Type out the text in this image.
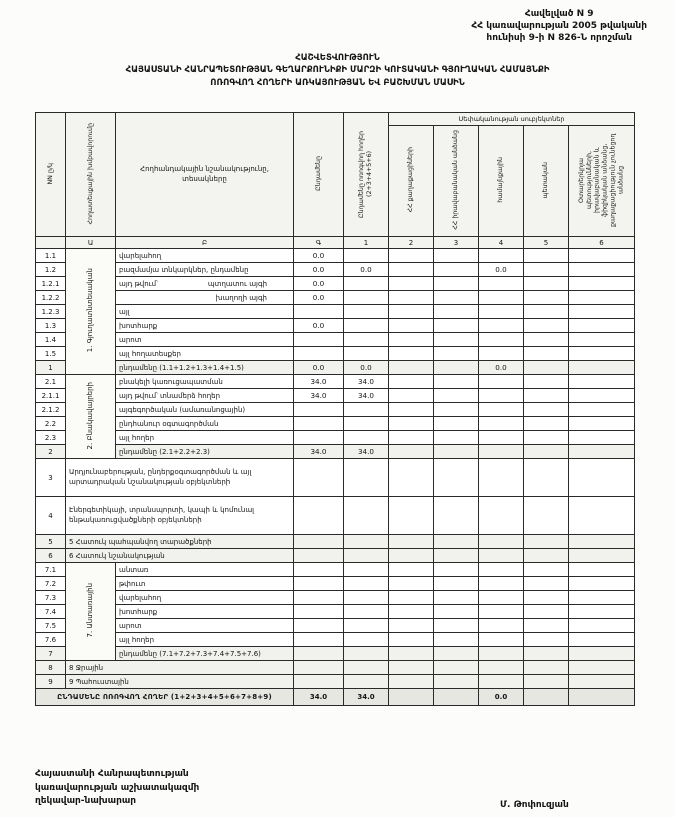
Հավելված N 9
ՀՀ կառավարության 2005 թվականի
հունիսի 9-ի N 826-Ն որոշման
ՀԱՇՎԵՏՎՈՒԹՅՈՒՆ
ՀԱՅԱՍՏԱՆԻ ՀԱՆՐԱՊԵՏՈՒԹՅԱՆ ԳԵՂԱՐՔՈՒՆԻՔԻ ՄԱՐԶԻ ԿՈՒՏԱԿԱՆԻ ԳՅՈՒՂԱԿԱՆ ՀԱՄԱՅՆՔԻ
ՈՌՈԳՎՈՂ ՀՈՂԵՐԻ ԱՌԿԱՅՈՒԹՅԱՆ ԵՎ ԲԱՇԽՄԱՆ ՄԱՍԻՆ
NN ը/կ	Հողատեսքային խմբավորումը	Հողհանդակային նշանակությունը, տեսակները	Ընդամենը	Ընդամենը ոռոգվող հողեր (2+3+4+5+6)	Սեփականության սուբյեկտներ				
					ՀՀ քաղաքացիների	ՀՀ իրավաբանական անձանց	համայնքային	պետական	Օտարերկրյա պետությունների, իրավաբանական և ֆիզիկական անձանց, քաղաքացիություն չունեցող անձանց
	Ա	Բ	Գ	1	2	3	4	5	6
1.1	1. Գյուղատնտեսական	վարելահող	0.0						
1.2		բազմամյա տնկարկներ, ընդամենը	0.0	0.0			0.0		
1.2.1		այդ թվում՝ պտղատու այգի	0.0						
1.2.2		խաղողի այգի	0.0						
1.2.3		այլ							
1.3		խոտհարք	0.0						
1.4		արոտ							
1.5		այլ հողատեսքեր							
1		ընդամենը (1.1+1.2+1.3+1.4+1.5)	0.0	0.0			0.0		
2.1	2. Բնակավայրերի	բնակելի կառուցապատման	34.0	34.0					
2.1.1		այդ թվում՝ տնամերձ հողեր	34.0	34.0					
2.1.2		այգեգործական (ամառանոցային)							
2.2		ընդհանուր օգտագործման							
2.3		այլ հողեր							
2		ընդամենը (2.1+2.2+2.3)	34.0	34.0					
3	Արդյունաբերության, ընդերքօգտագործման և այլ արտադրական նշանակության օբյեկտների								
4	Էներգետիկայի, տրանսպորտի, կապի և կոմունալ ենթակառուցվածքների օբյեկտների								
5	5 Հատուկ պահպանվող տարածքների								
6	6 Հատուկ նշանակության								
7.1	7. Անտառային	անտառ							
7.2		թփուտ							
7.3		վարելահող							
7.4		խոտհարք							
7.5		արոտ							
7.6		այլ հողեր							
7		ընդամենը (7.1+7.2+7.3+7.4+7.5+7.6)							
8	8 Ջրային								
9	9 Պահուստային								
ԸՆԴԱՄԵՆԸ ՈՌՈԳՎՈՂ ՀՈՂԵՐ (1+2+3+4+5+6+7+8+9)			34.0	34.0			0.0		
Հայաստանի Հանրապետության
կառավարության աշխատակազմի
ղեկավար-նախարար	Մ. Թոփուզյան
